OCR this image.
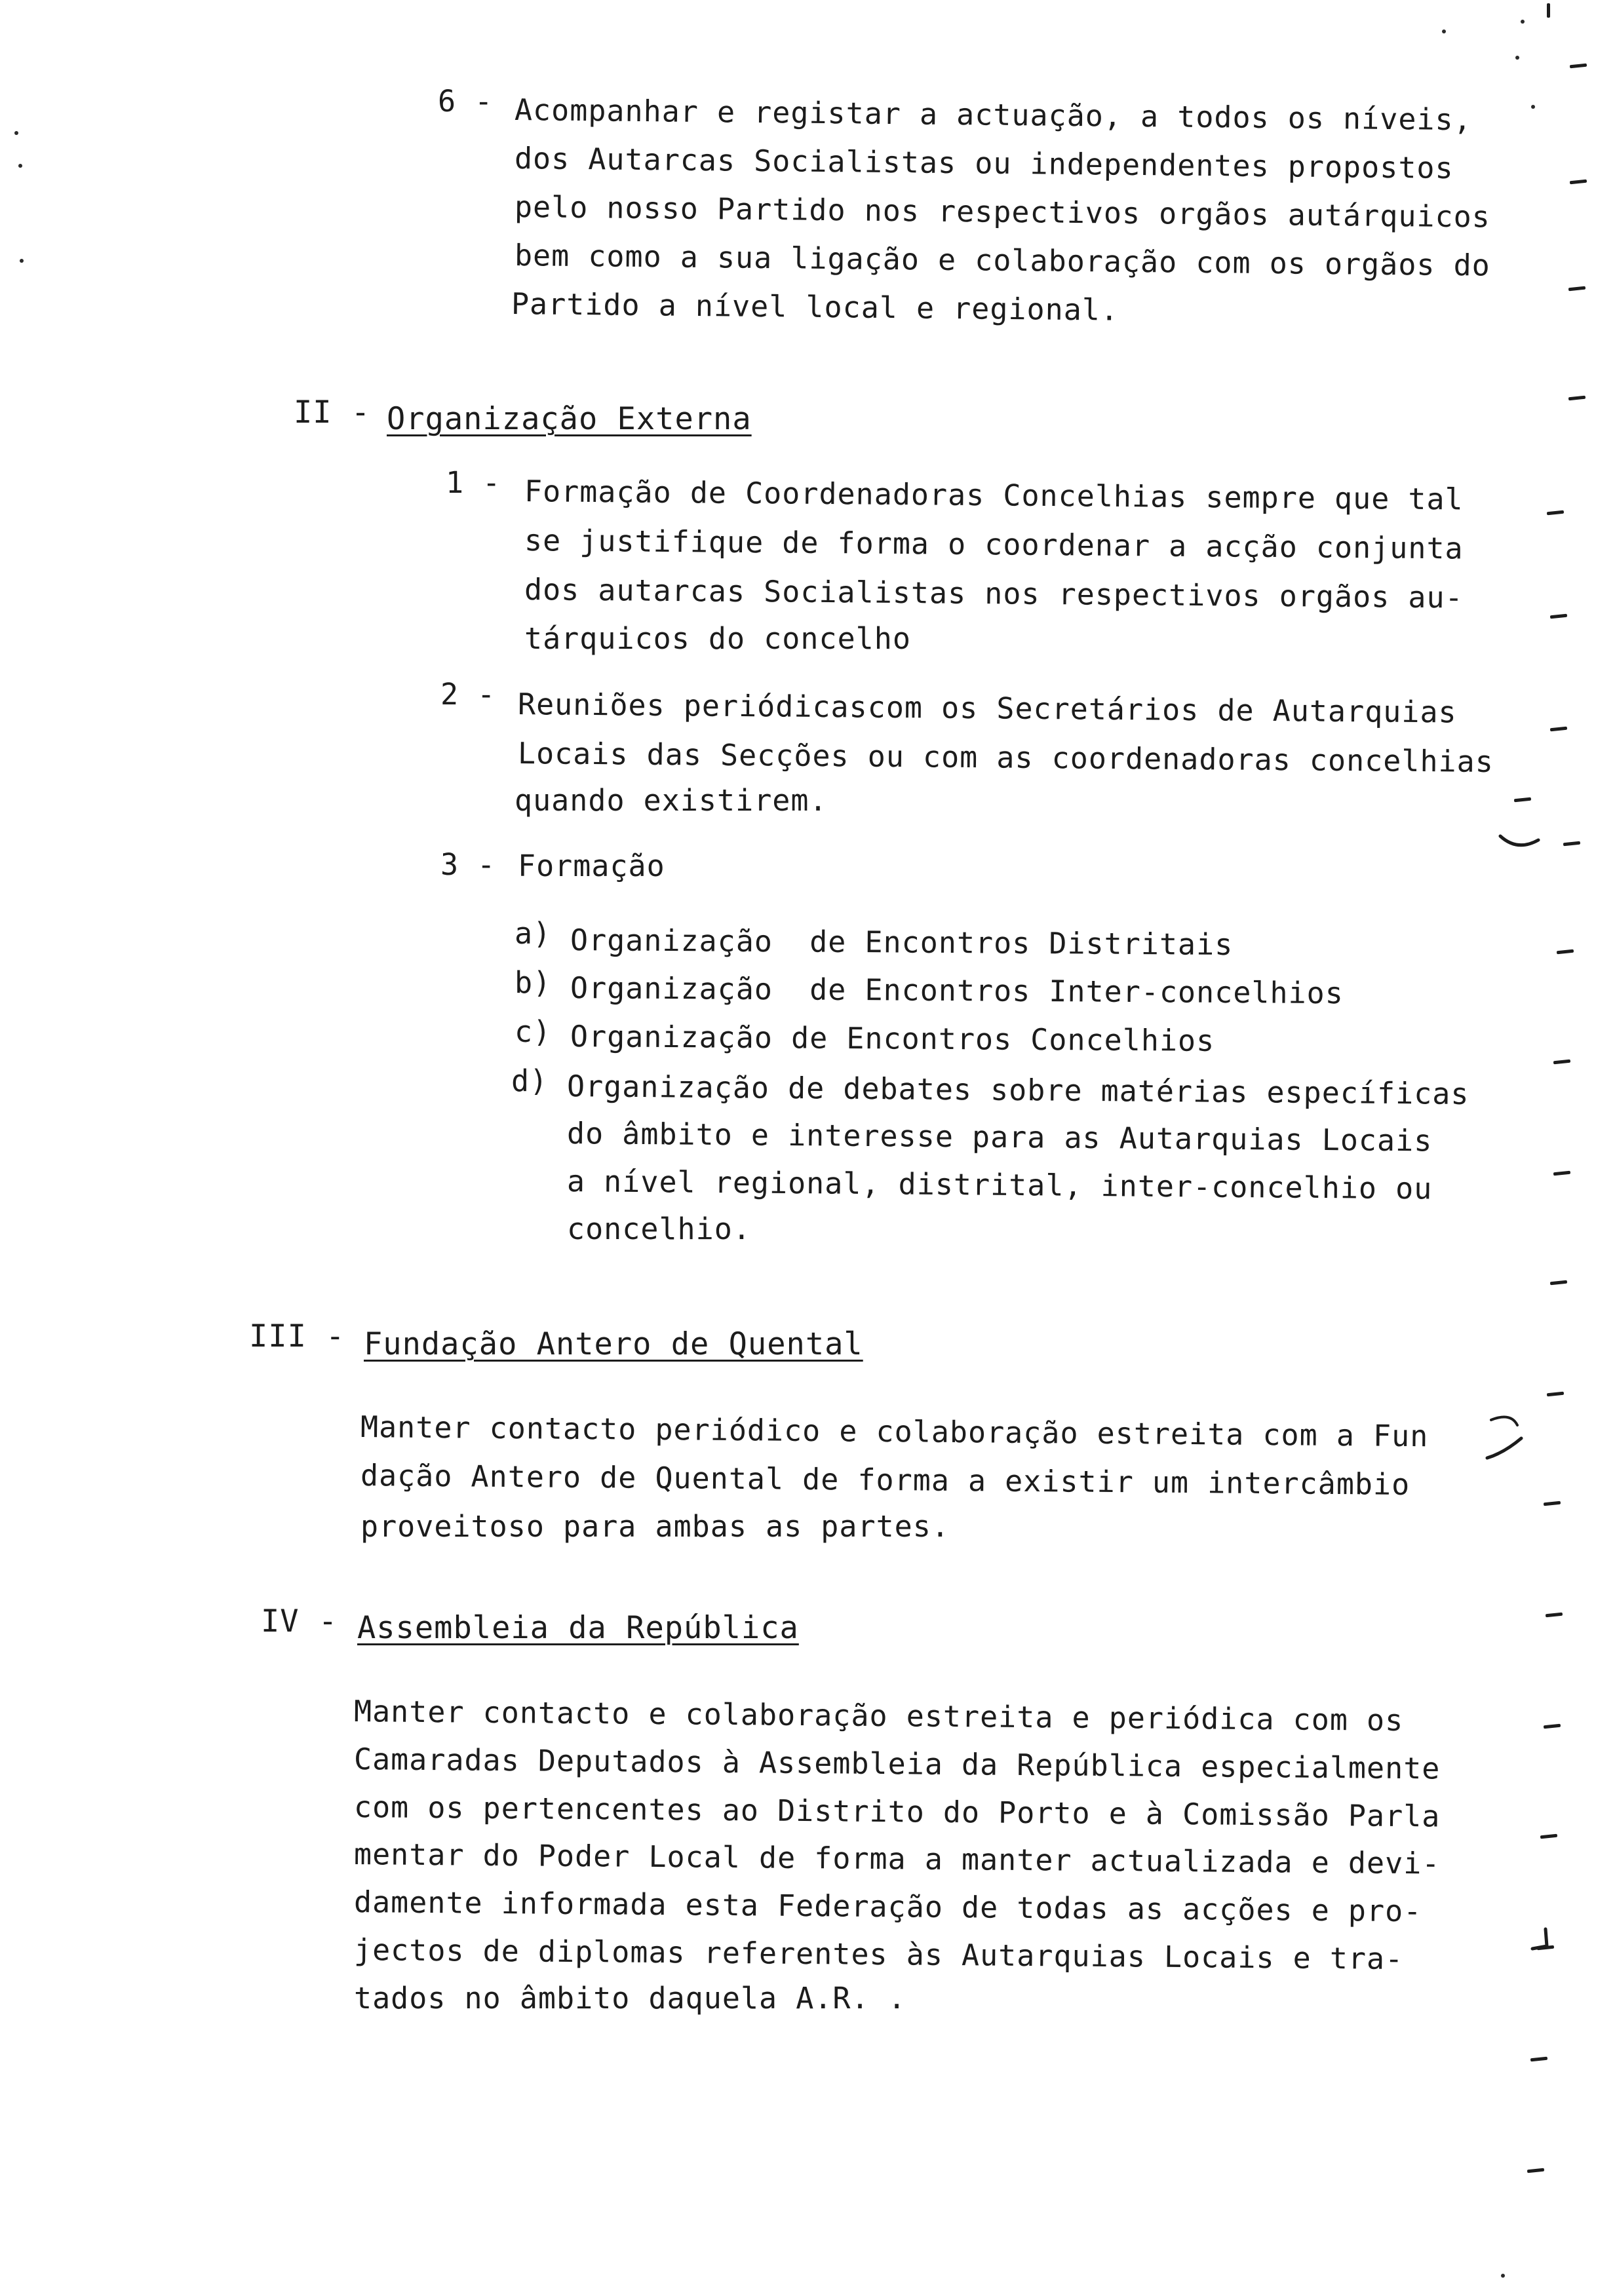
6 - Acompanhar e registar a actuação, a todos os níveis,
dos Autarcas Socialistas ou independentes propostos
pelo nosso Partido nos respectivos orgãos autárquicos
bem como a sua ligação e colaboração com os orgãos do
Partido a nível local e regional.
II - Organização Externa
1 - Formação de Coordenadoras Concelhias sempre que tal
se justifique de forma o coordenar a acção conjunta
dos autarcas Socialistas nos respectivos orgãos au-
tárquicos do concelho
2 - Reuniões periódicascom os Secretários de Autarquias
Locais das Secções ou com as coordenadoras concelhias
quando existirem.
3 - Formação
a) Organização  de Encontros Distritais
b) Organização  de Encontros Inter-concelhios
c) Organização de Encontros Concelhios
d) Organização de debates sobre matérias específicas
do âmbito e interesse para as Autarquias Locais
a nível regional, distrital, inter-concelhio ou
concelhio.
III - Fundação Antero de Quental
Manter contacto periódico e colaboração estreita com a Fun
dação Antero de Quental de forma a existir um intercâmbio
proveitoso para ambas as partes.
IV - Assembleia da República
Manter contacto e colaboração estreita e periódica com os
Camaradas Deputados à Assembleia da República especialmente
com os pertencentes ao Distrito do Porto e à Comissão Parla
mentar do Poder Local de forma a manter actualizada e devi-
damente informada esta Federação de todas as acções e pro-
jectos de diplomas referentes às Autarquias Locais e tra-
tados no âmbito daquela A.R. .
